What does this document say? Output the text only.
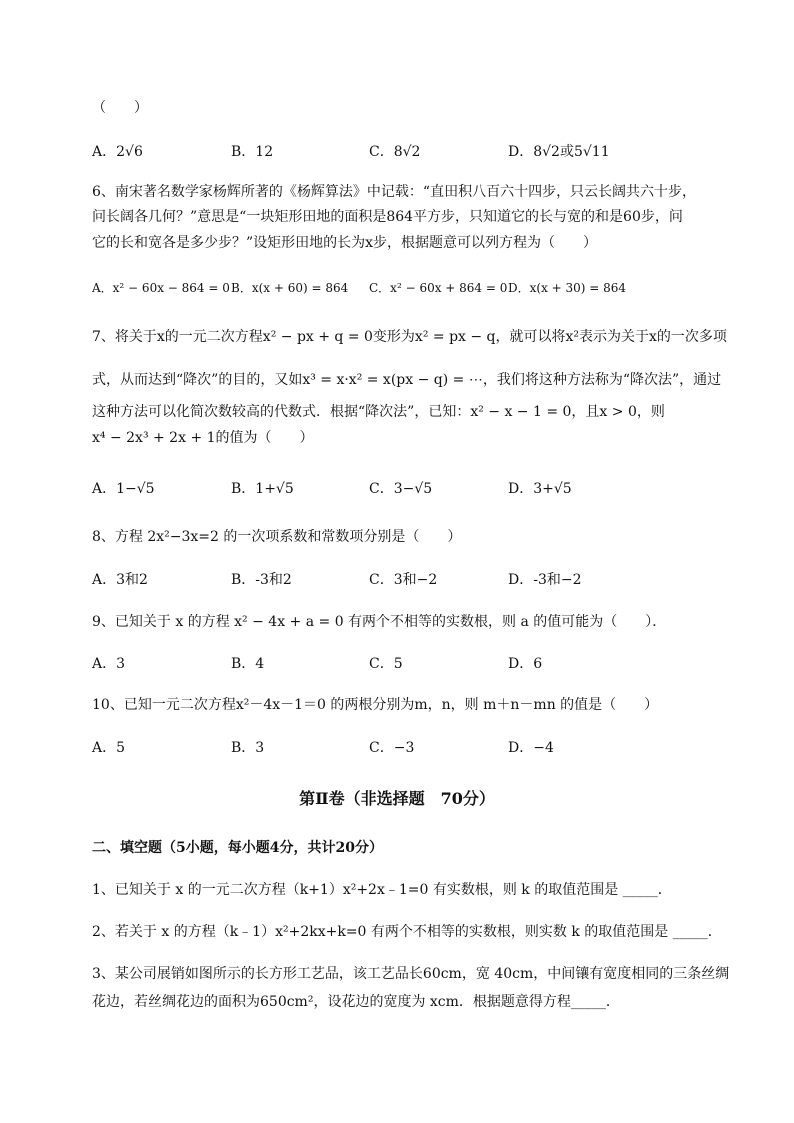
（　　）
A．2√6	B．12	C．8√2	D．8√2或5√11
6、南宋著名数学家杨辉所著的《杨辉算法》中记载：“直田积八百六十四步，只云长阔共六十步，
问长阔各几何？”意思是“一块矩形田地的面积是864平方步，只知道它的长与宽的和是60步，问
它的长和宽各是多少步？”设矩形田地的长为x步，根据题意可以列方程为（　　）
A．x² − 60x − 864 = 0 B．x(x + 60) = 864 C．x² − 60x + 864 = 0 D．x(x + 30) = 864
7、将关于x的一元二次方程x² − px + q = 0变形为x² = px − q，就可以将x²表示为关于x的一次多项
式，从而达到“降次”的目的，又如x³ = x·x² = x(px − q) = ⋯，我们将这种方法称为“降次法”，通过
这种方法可以化简次数较高的代数式．根据“降次法”，已知：x² − x − 1 = 0，且x > 0，则
x⁴ − 2x³ + 2x + 1的值为（　　）
A．1−√5	B．1+√5	C．3−√5	D．3+√5
8、方程 2x²−3x=2 的一次项系数和常数项分别是（　　）
A．3和2	B．-3和2	C．3和−2	D．-3和−2
9、已知关于 x 的方程 x² − 4x + a = 0 有两个不相等的实数根，则 a 的值可能为（　　）．
A．3	B．4	C．5	D．6
10、已知一元二次方程x²－4x－1＝0 的两根分别为m，n，则 m＋n－mn 的值是（　　）
A．5	B．3	C．−3	D．−4
第Ⅱ卷（非选择题　70分）
二、填空题（5小题，每小题4分，共计20分）
1、已知关于 x 的一元二次方程（k+1）x²+2x﹣1=0 有实数根，则 k 的取值范围是 _____．
2、若关于 x 的方程（k﹣1）x²+2kx+k=0 有两个不相等的实数根，则实数 k 的取值范围是 _____．
3、某公司展销如图所示的长方形工艺品，该工艺品长60cm，宽 40cm，中间镶有宽度相同的三条丝绸
花边，若丝绸花边的面积为650cm²，设花边的宽度为 xcm．根据题意得方程_____．
